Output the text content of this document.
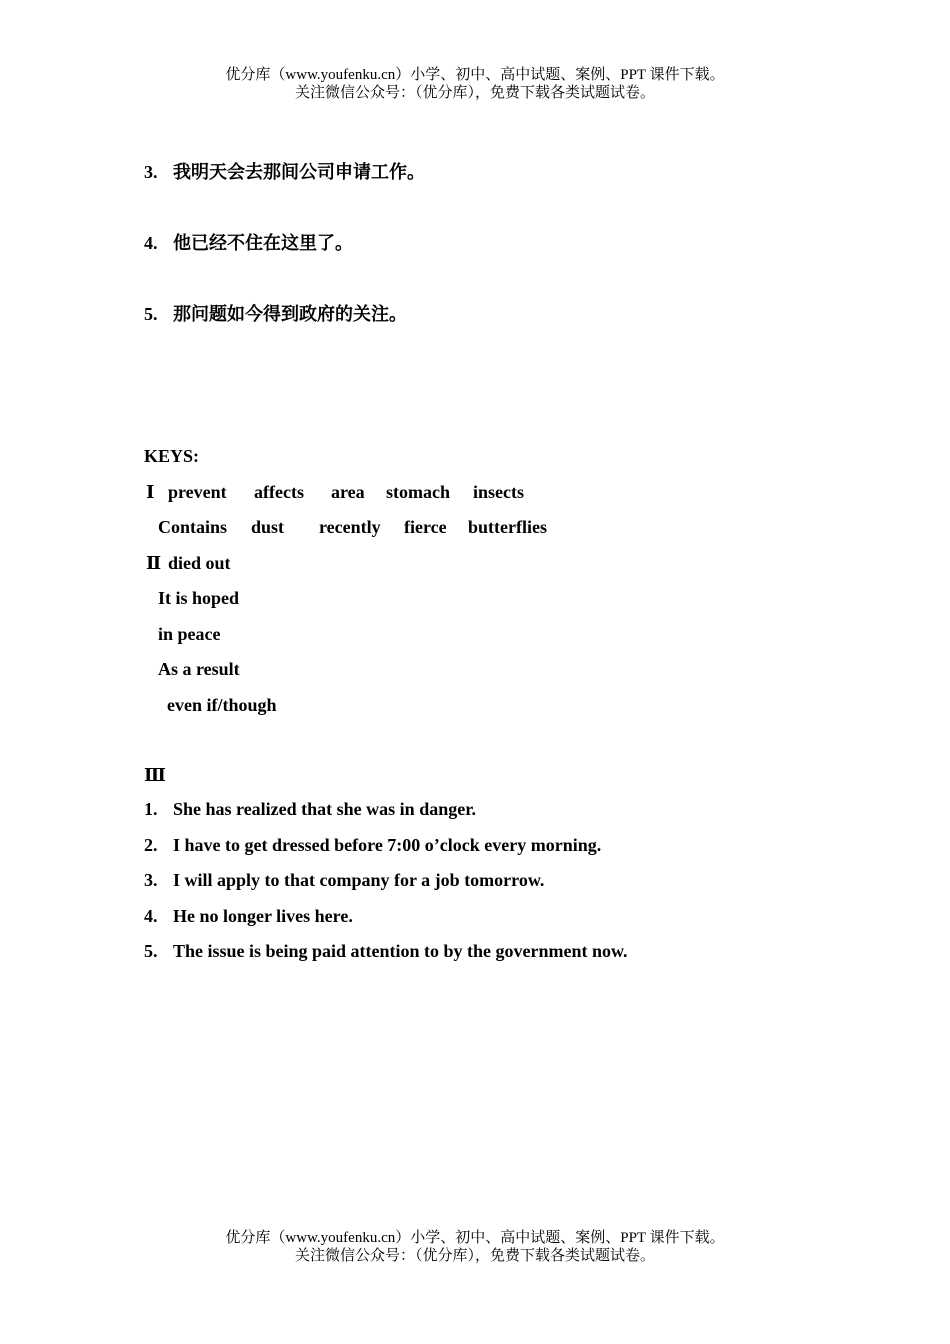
优分库（www.youfenku.cn）小学、初中、高中试题、案例、PPT 课件下载。
关注微信公众号：（优分库），免费下载各类试题试卷。
3. 我明天会去那间公司申请工作。
4. 他已经不住在这里了。
5. 那问题如今得到政府的关注。
KEYS:
Ⅰ prevent affects area stomach insects
Contains dust recently fierce butterflies
Ⅱ died out
It is hoped
in peace
As a result
even if/though
Ⅲ
1. She has realized that she was in danger.
2. I have to get dressed before 7:00 o’clock every morning.
3. I will apply to that company for a job tomorrow.
4. He no longer lives here.
5. The issue is being paid attention to by the government now.
优分库（www.youfenku.cn）小学、初中、高中试题、案例、PPT 课件下载。
关注微信公众号：（优分库），免费下载各类试题试卷。
